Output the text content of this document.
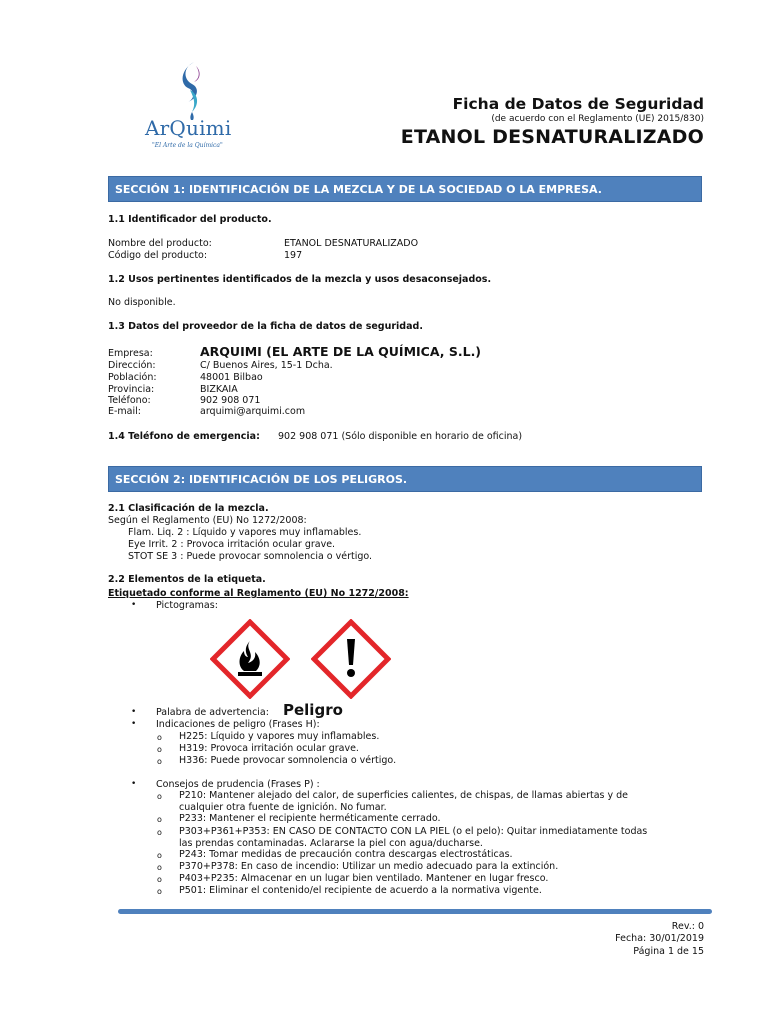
ArQuimi
"El Arte de la Química"
Ficha de Datos de Seguridad
(de acuerdo con el Reglamento (UE) 2015/830)
ETANOL DESNATURALIZADO
SECCIÓN 1: IDENTIFICACIÓN DE LA MEZCLA Y DE LA SOCIEDAD O LA EMPRESA.
1.1 Identificador del producto.
Nombre del producto:	ETANOL DESNATURALIZADO
Código del producto:	197
1.2 Usos pertinentes identificados de la mezcla y usos desaconsejados.
No disponible.
1.3 Datos del proveedor de la ficha de datos de seguridad.
Empresa:	ARQUIMI (EL ARTE DE LA QUÍMICA, S.L.)
Dirección:	C/ Buenos Aires, 15-1 Dcha.
Población:	48001 Bilbao
Provincia:	BIZKAIA
Teléfono:	902 908 071
E-mail:	arquimi@arquimi.com
1.4 Teléfono de emergencia: 902 908 071 (Sólo disponible en horario de oficina)
SECCIÓN 2: IDENTIFICACIÓN DE LOS PELIGROS.
2.1 Clasificación de la mezcla.
Según el Reglamento (EU) No 1272/2008:
Flam. Liq. 2 : Líquido y vapores muy inflamables.
Eye Irrit. 2 : Provoca irritación ocular grave.
STOT SE 3 : Puede provocar somnolencia o vértigo.
2.2 Elementos de la etiqueta.
Etiquetado conforme al Reglamento (EU) No 1272/2008:
• Pictogramas:
• Palabra de advertencia: Peligro
• Indicaciones de peligro (Frases H):
o H225: Líquido y vapores muy inflamables.
o H319: Provoca irritación ocular grave.
o H336: Puede provocar somnolencia o vértigo.
• Consejos de prudencia (Frases P) :
o P210: Mantener alejado del calor, de superficies calientes, de chispas, de llamas abiertas y de
cualquier otra fuente de ignición. No fumar.
o P233: Mantener el recipiente herméticamente cerrado.
o P303+P361+P353: EN CASO DE CONTACTO CON LA PIEL (o el pelo): Quitar inmediatamente todas
las prendas contaminadas. Aclararse la piel con agua/ducharse.
o P243: Tomar medidas de precaución contra descargas electrostáticas.
o P370+P378: En caso de incendio: Utilizar un medio adecuado para la extinción.
o P403+P235: Almacenar en un lugar bien ventilado. Mantener en lugar fresco.
o P501: Eliminar el contenido/el recipiente de acuerdo a la normativa vigente.
Rev.: 0
Fecha: 30/01/2019
Página 1 de 15
